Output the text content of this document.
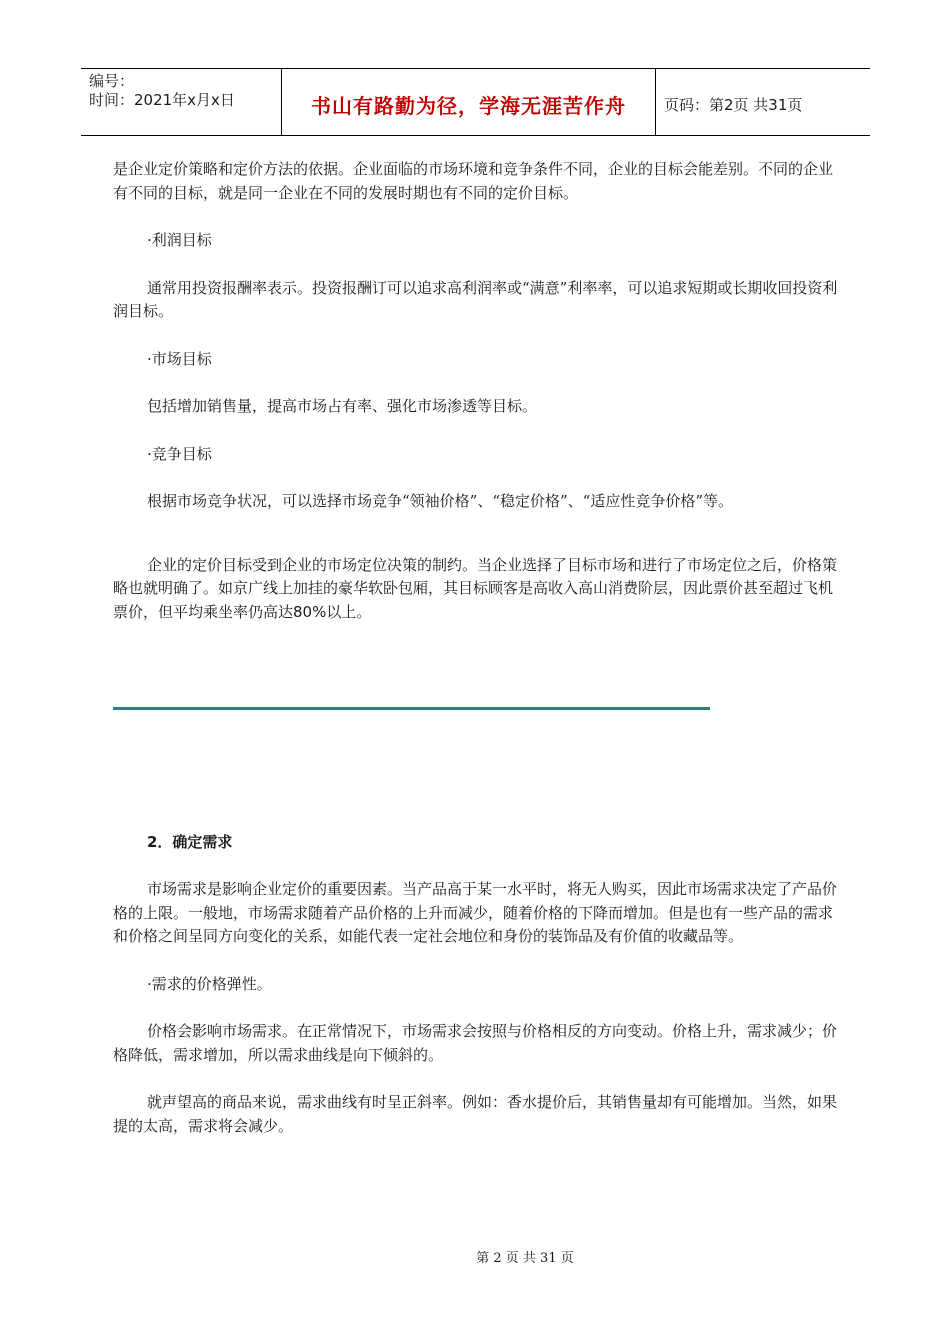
编号：
时间：2021年x月x日	书山有路勤为径，学海无涯苦作舟	页码：第2页 共31页

是企业定价策略和定价方法的依据。企业面临的市场环境和竞争条件不同，企业的目标会能差别。不同的企业有不同的目标，就是同一企业在不同的发展时期也有不同的定价目标。

·利润目标

通常用投资报酬率表示。投资报酬订可以追求高利润率或“满意”利率率，可以追求短期或长期收回投资利润目标。

·市场目标

包括增加销售量，提高市场占有率、强化市场渗透等目标。

·竞争目标

根据市场竞争状况，可以选择市场竞争“领袖价格”、“稳定价格”、“适应性竞争价格”等。

企业的定价目标受到企业的市场定位决策的制约。当企业选择了目标市场和进行了市场定位之后，价格策略也就明确了。如京广线上加挂的豪华软卧包厢，其目标顾客是高收入高山消费阶层，因此票价甚至超过飞机票价，但平均乘坐率仍高达80%以上。

2．确定需求

市场需求是影响企业定价的重要因素。当产品高于某一水平时，将无人购买，因此市场需求决定了产品价格的上限。一般地，市场需求随着产品价格的上升而减少，随着价格的下降而增加。但是也有一些产品的需求和价格之间呈同方向变化的关系，如能代表一定社会地位和身份的装饰品及有价值的收藏品等。

·需求的价格弹性。

价格会影响市场需求。在正常情况下，市场需求会按照与价格相反的方向变动。价格上升，需求减少；价格降低，需求增加，所以需求曲线是向下倾斜的。

就声望高的商品来说，需求曲线有时呈正斜率。例如：香水提价后，其销售量却有可能增加。当然，如果提的太高，需求将会减少。

第 2 页 共 31 页
